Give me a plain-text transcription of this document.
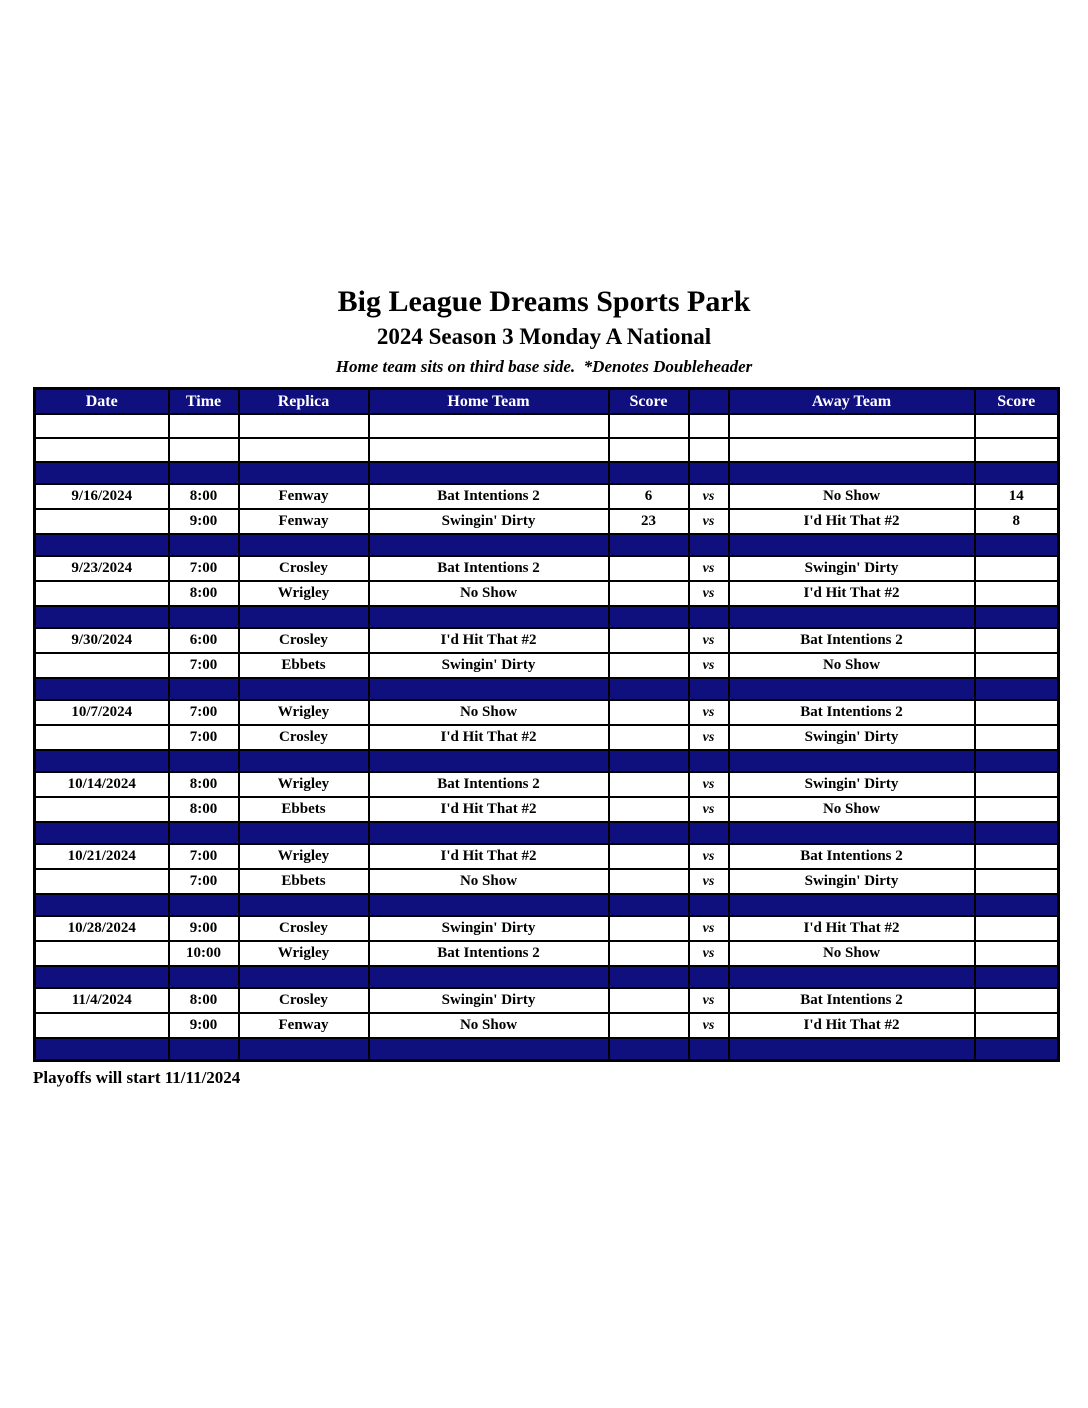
Big League Dreams Sports Park
2024 Season 3 Monday A National
Home team sits on third base side.  *Denotes Doubleheader
Date	Time	Replica	Home Team	Score		Away Team	Score

9/16/2024	8:00	Fenway	Bat Intentions 2	6	vs	No Show	14
	9:00	Fenway	Swingin' Dirty	23	vs	I'd Hit That #2	8

9/23/2024	7:00	Crosley	Bat Intentions 2		vs	Swingin' Dirty	
	8:00	Wrigley	No Show		vs	I'd Hit That #2	

9/30/2024	6:00	Crosley	I'd Hit That #2		vs	Bat Intentions 2	
	7:00	Ebbets	Swingin' Dirty		vs	No Show	

10/7/2024	7:00	Wrigley	No Show		vs	Bat Intentions 2	
	7:00	Crosley	I'd Hit That #2		vs	Swingin' Dirty	

10/14/2024	8:00	Wrigley	Bat Intentions 2		vs	Swingin' Dirty	
	8:00	Ebbets	I'd Hit That #2		vs	No Show	

10/21/2024	7:00	Wrigley	I'd Hit That #2		vs	Bat Intentions 2	
	7:00	Ebbets	No Show		vs	Swingin' Dirty	

10/28/2024	9:00	Crosley	Swingin' Dirty		vs	I'd Hit That #2	
	10:00	Wrigley	Bat Intentions 2		vs	No Show	

11/4/2024	8:00	Crosley	Swingin' Dirty		vs	Bat Intentions 2	
	9:00	Fenway	No Show		vs	I'd Hit That #2	

Playoffs will start 11/11/2024
